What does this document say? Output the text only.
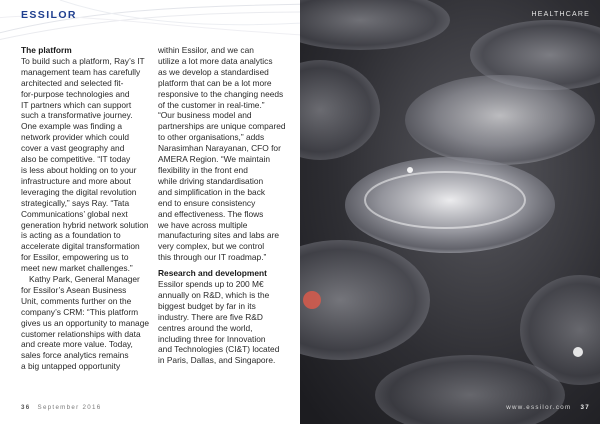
ESSILOR
The platform
To build such a platform, Ray’s IT
management team has carefully
architected and selected fit-
for-purpose technologies and
IT partners which can support
such a transformative journey.
One example was finding a
network provider which could
cover a vast geography and
also be competitive. “IT today
is less about holding on to your
infrastructure and more about
leveraging the digital revolution
strategically,” says Ray. “Tata
Communications’ global next
generation hybrid network solution
is acting as a foundation to
accelerate digital transformation
for Essilor, empowering us to
meet new market challenges.”
Kathy Park, General Manager
for Essilor’s Asean Business
Unit, comments further on the
company’s CRM: “This platform
gives us an opportunity to manage
customer relationships with data
and create more value. Today,
sales force analytics remains
a big untapped opportunity
within Essilor, and we can
utilize a lot more data analytics
as we develop a standardised
platform that can be a lot more
responsive to the changing needs
of the customer in real-time.”
“Our business model and
partnerships are unique compared
to other organisations,” adds
Narasimhan Narayanan, CFO for
AMERA Region. “We maintain
flexibility in the front end
while driving standardisation
and simplification in the back
end to ensure consistency
and effectiveness. The flows
we have across multiple
manufacturing sites and labs are
very complex, but we control
this through our IT roadmap.”
Research and development
Essilor spends up to 200 M€
annually on R&D, which is the
biggest budget by far in its
industry. There are five R&D
centres around the world,
including three for Innovation
and Technologies (CI&T) located
in Paris, Dallas, and Singapore.
36 September 2016
HEALTHCARE
www.essilor.com 37
